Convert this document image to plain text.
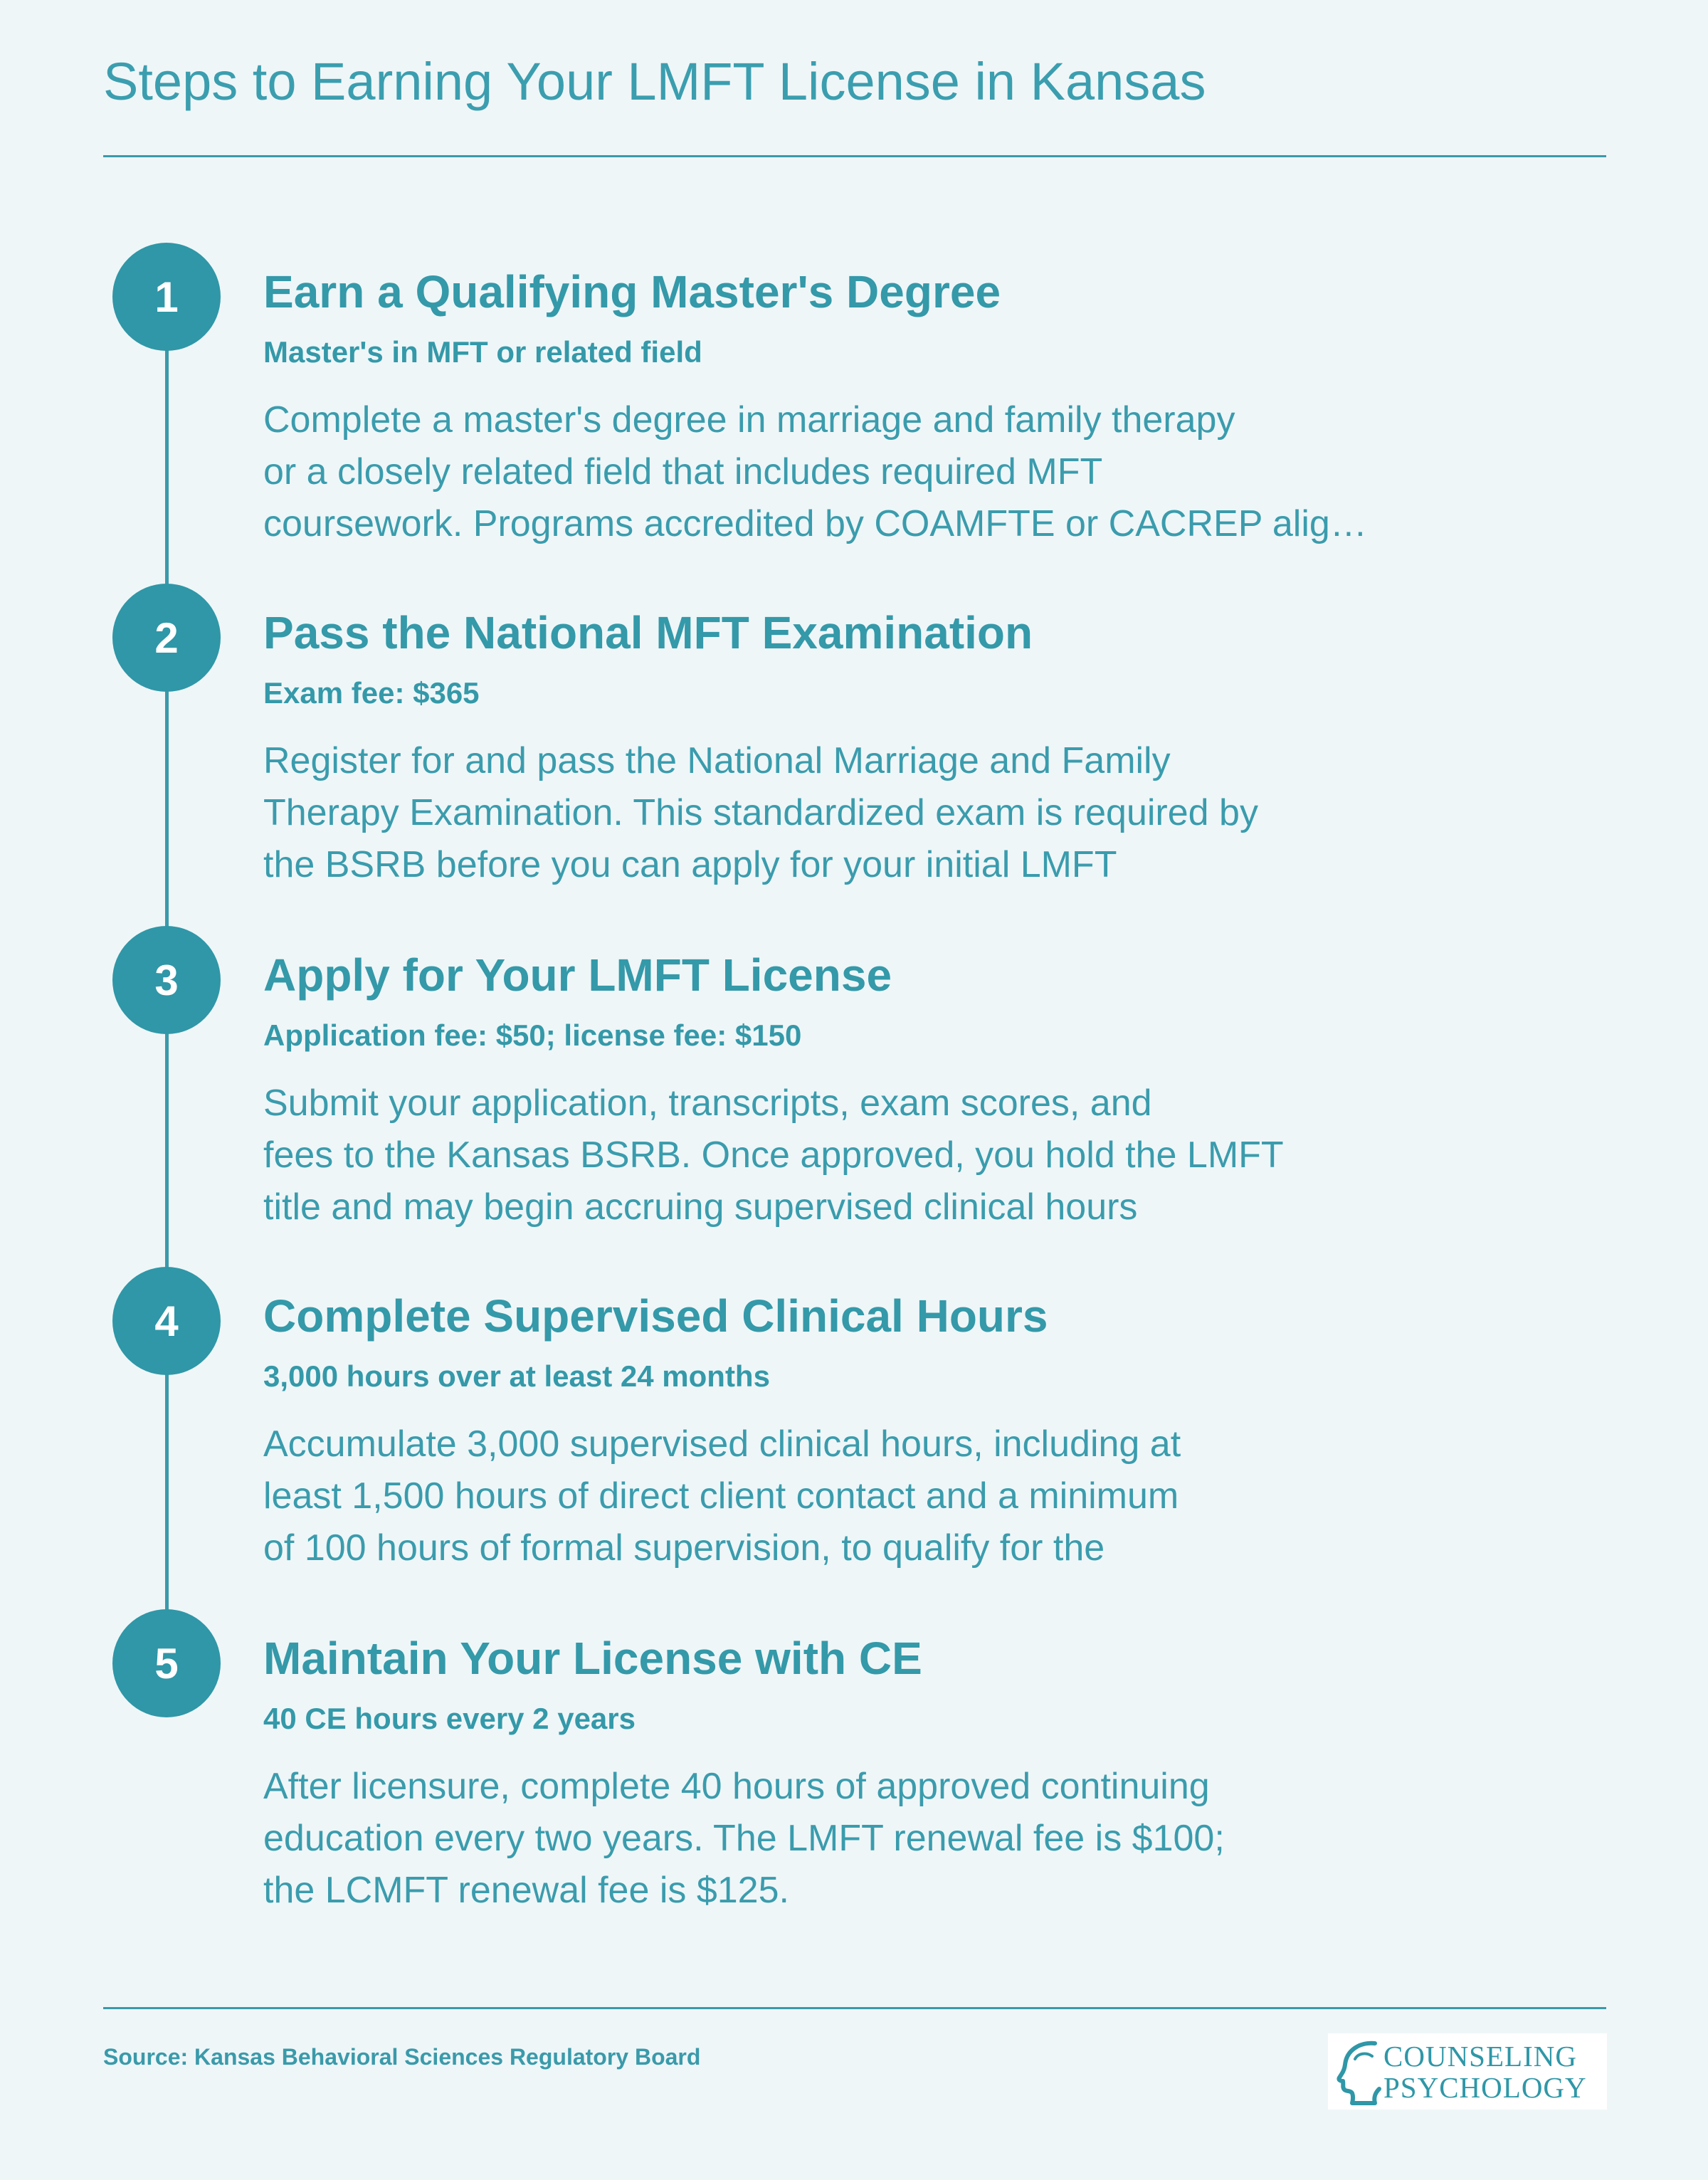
Steps to Earning Your LMFT License in Kansas
1	Earn a Qualifying Master's Degree
Master's in MFT or related field
Complete a master's degree in marriage and family therapy
or a closely related field that includes required MFT
coursework. Programs accredited by COAMFTE or CACREP alig…
2	Pass the National MFT Examination
Exam fee: $365
Register for and pass the National Marriage and Family
Therapy Examination. This standardized exam is required by
the BSRB before you can apply for your initial LMFT
3	Apply for Your LMFT License
Application fee: $50; license fee: $150
Submit your application, transcripts, exam scores, and
fees to the Kansas BSRB. Once approved, you hold the LMFT
title and may begin accruing supervised clinical hours
4	Complete Supervised Clinical Hours
3,000 hours over at least 24 months
Accumulate 3,000 supervised clinical hours, including at
least 1,500 hours of direct client contact and a minimum
of 100 hours of formal supervision, to qualify for the
5	Maintain Your License with CE
40 CE hours every 2 years
After licensure, complete 40 hours of approved continuing
education every two years. The LMFT renewal fee is $100;
the LCMFT renewal fee is $125.
Source: Kansas Behavioral Sciences Regulatory Board	COUNSELING
PSYCHOLOGY
